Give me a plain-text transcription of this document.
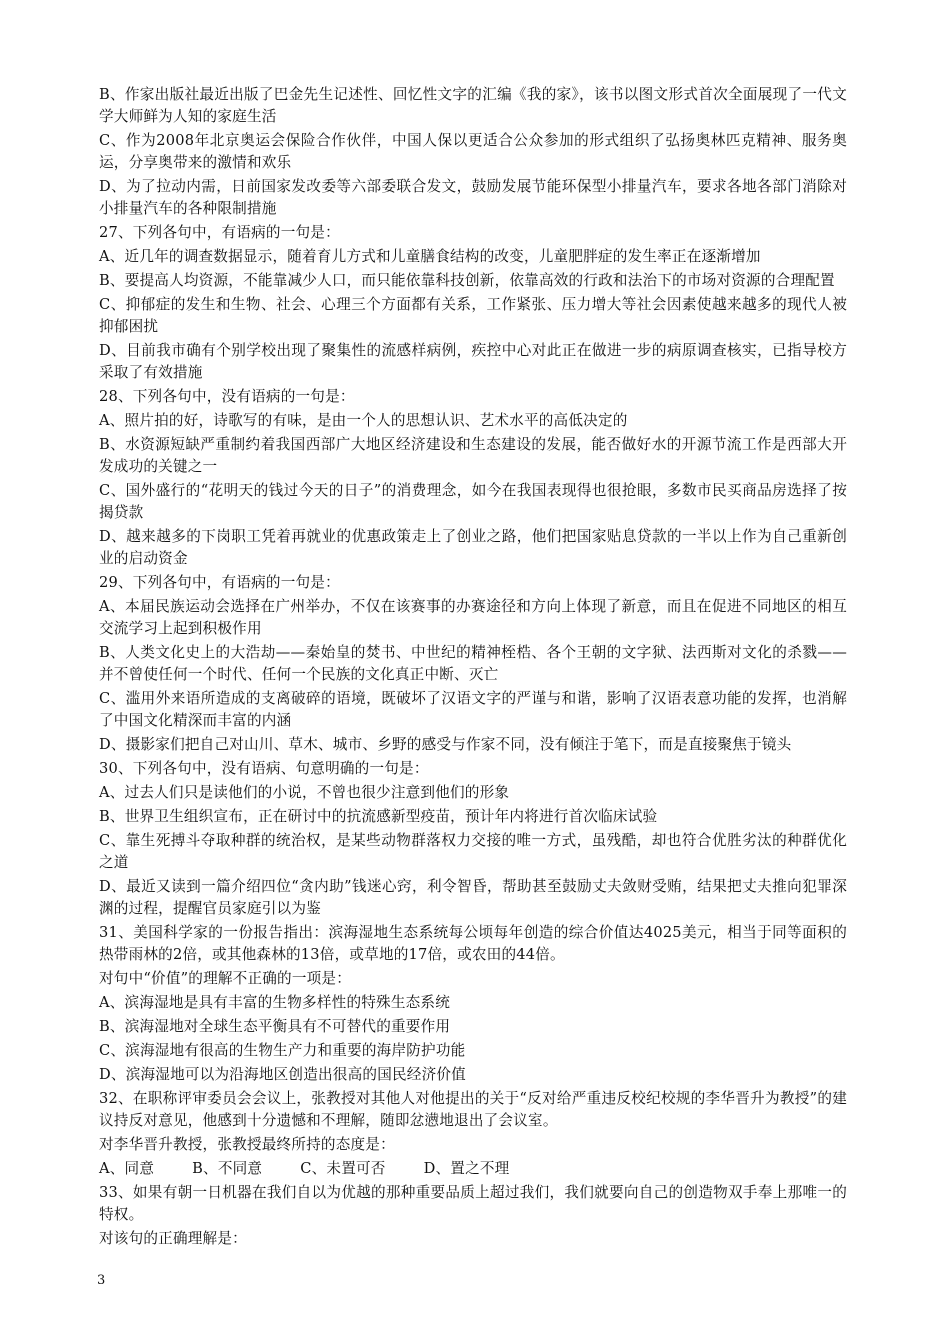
B、作家出版社最近出版了巴金先生记述性、回忆性文字的汇编《我的家》，该书以图文形式首次全面展现了一代文学大师鲜为人知的家庭生活

C、作为2008年北京奥运会保险合作伙伴，中国人保以更适合公众参加的形式组织了弘扬奥林匹克精神、服务奥运，分享奥带来的激情和欢乐

D、为了拉动内需，日前国家发改委等六部委联合发文，鼓励发展节能环保型小排量汽车，要求各地各部门消除对小排量汽车的各种限制措施

27、下列各句中，有语病的一句是：

A、近几年的调查数据显示，随着育儿方式和儿童膳食结构的改变，儿童肥胖症的发生率正在逐渐增加

B、要提高人均资源，不能靠减少人口，而只能依靠科技创新，依靠高效的行政和法治下的市场对资源的合理配置

C、抑郁症的发生和生物、社会、心理三个方面都有关系，工作紧张、压力增大等社会因素使越来越多的现代人被抑郁困扰

D、目前我市确有个别学校出现了聚集性的流感样病例，疾控中心对此正在做进一步的病原调查核实，已指导校方采取了有效措施

28、下列各句中，没有语病的一句是：

A、照片拍的好，诗歌写的有味，是由一个人的思想认识、艺术水平的高低决定的

B、水资源短缺严重制约着我国西部广大地区经济建设和生态建设的发展，能否做好水的开源节流工作是西部大开发成功的关键之一

C、国外盛行的“花明天的钱过今天的日子”的消费理念，如今在我国表现得也很抢眼，多数市民买商品房选择了按揭贷款

D、越来越多的下岗职工凭着再就业的优惠政策走上了创业之路，他们把国家贴息贷款的一半以上作为自己重新创业的启动资金

29、下列各句中，有语病的一句是：

A、本届民族运动会选择在广州举办，不仅在该赛事的办赛途径和方向上体现了新意，而且在促进不同地区的相互交流学习上起到积极作用

B、人类文化史上的大浩劫——秦始皇的焚书、中世纪的精神桎梏、各个王朝的文字狱、法西斯对文化的杀戮——并不曾使任何一个时代、任何一个民族的文化真正中断、灭亡

C、滥用外来语所造成的支离破碎的语境，既破坏了汉语文字的严谨与和谐，影响了汉语表意功能的发挥，也消解了中国文化精深而丰富的内涵

D、摄影家们把自己对山川、草木、城市、乡野的感受与作家不同，没有倾注于笔下，而是直接聚焦于镜头

30、下列各句中，没有语病、句意明确的一句是：

A、过去人们只是读他们的小说，不曾也很少注意到他们的形象

B、世界卫生组织宣布，正在研讨中的抗流感新型疫苗，预计年内将进行首次临床试验

C、靠生死搏斗夺取种群的统治权，是某些动物群落权力交接的唯一方式，虽残酷，却也符合优胜劣汰的种群优化之道

D、最近又读到一篇介绍四位“贪内助”钱迷心窍，利令智昏，帮助甚至鼓励丈夫敛财受贿，结果把丈夫推向犯罪深渊的过程，提醒官员家庭引以为鉴

31、美国科学家的一份报告指出：滨海湿地生态系统每公顷每年创造的综合价值达4025美元，相当于同等面积的热带雨林的2倍，或其他森林的13倍，或草地的17倍，或农田的44倍。

对句中“价值”的理解不正确的一项是：

A、滨海湿地是具有丰富的生物多样性的特殊生态系统

B、滨海湿地对全球生态平衡具有不可替代的重要作用

C、滨海湿地有很高的生物生产力和重要的海岸防护功能

D、滨海湿地可以为沿海地区创造出很高的国民经济价值

32、在职称评审委员会会议上，张教授对其他人对他提出的关于“反对给严重违反校纪校规的李华晋升为教授”的建议持反对意见，他感到十分遗憾和不理解，随即忿懑地退出了会议室。

对李华晋升教授，张教授最终所持的态度是：

A、同意	B、不同意	C、未置可否	D、置之不理

33、如果有朝一日机器在我们自以为优越的那种重要品质上超过我们，我们就要向自己的创造物双手奉上那唯一的特权。

对该句的正确理解是：

3
